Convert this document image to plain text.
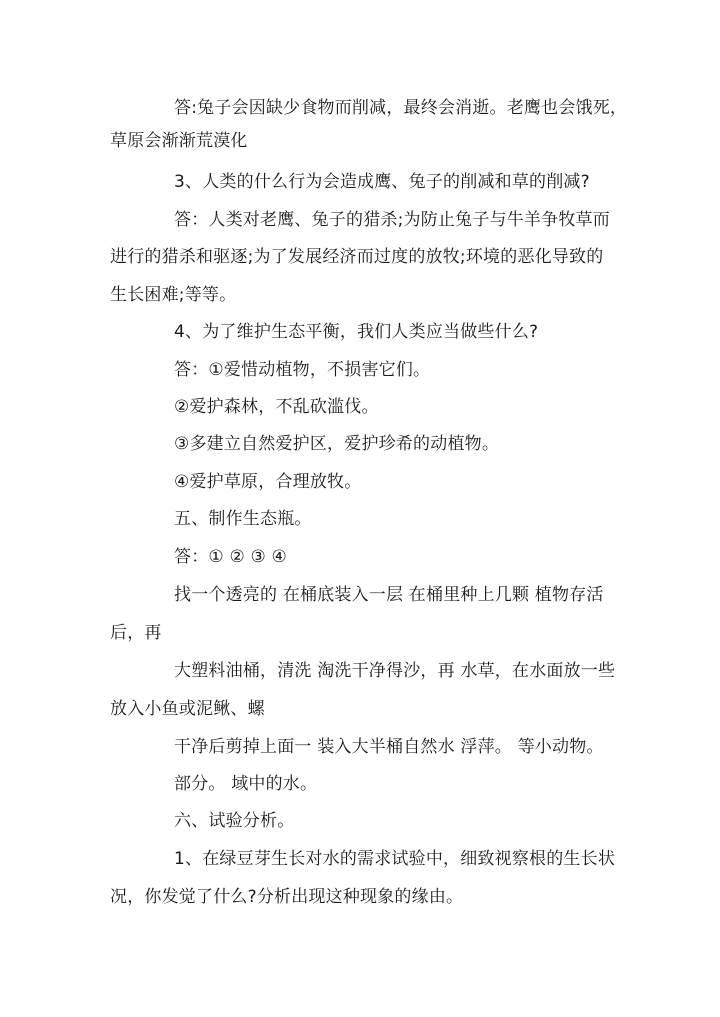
答:兔子会因缺少食物而削减，最终会消逝。老鹰也会饿死，
草原会渐渐荒漠化
3、人类的什么行为会造成鹰、兔子的削减和草的削减?
答：人类对老鹰、兔子的猎杀;为防止兔子与牛羊争牧草而
进行的猎杀和驱逐;为了发展经济而过度的放牧;环境的恶化导致的
生长困难;等等。
4、为了维护生态平衡，我们人类应当做些什么?
答：①爱惜动植物，不损害它们。
②爱护森林，不乱砍滥伐。
③多建立自然爱护区，爱护珍希的动植物。
④爱护草原，合理放牧。
五、制作生态瓶。
答：① ② ③ ④
找一个透亮的 在桶底装入一层 在桶里种上几颗 植物存活
后，再
大塑料油桶，清洗 淘洗干净得沙，再 水草，在水面放一些
放入小鱼或泥鳅、螺
干净后剪掉上面一 装入大半桶自然水 浮萍。 等小动物。
部分。 域中的水。
六、试验分析。
1、在绿豆芽生长对水的需求试验中，细致视察根的生长状
况，你发觉了什么?分析出现这种现象的缘由。
